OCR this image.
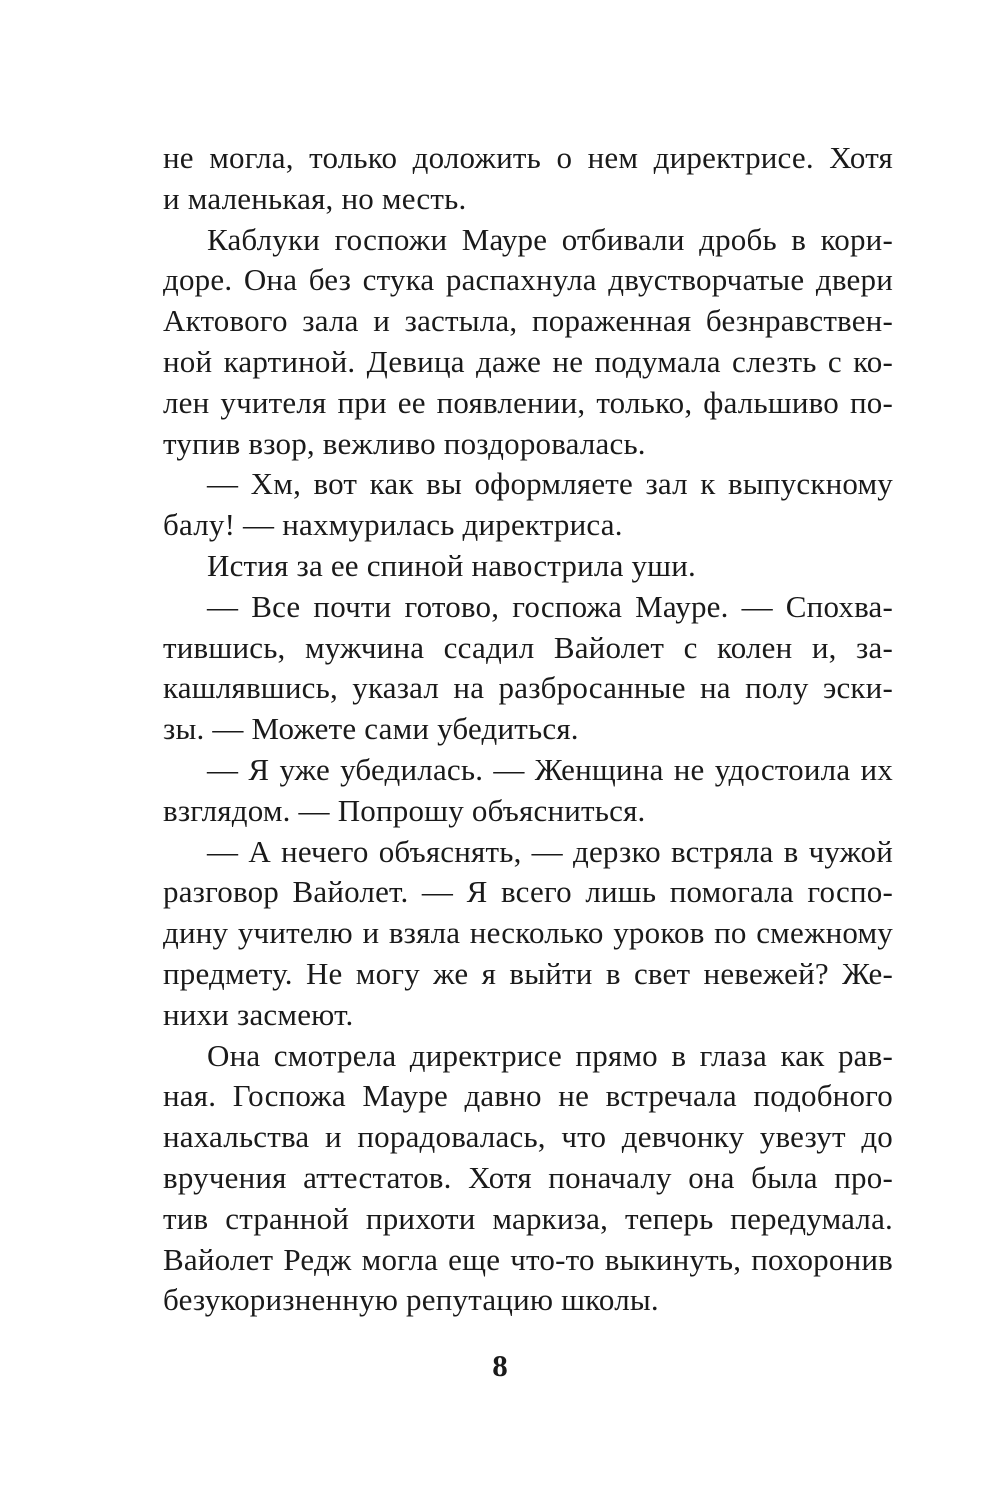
не могла, только доложить о нем директрисе. Хотя
и маленькая, но месть.
Каблуки госпожи Мауре отбивали дробь в кори-
доре. Она без стука распахнула двустворчатые двери
Актового зала и застыла, пораженная безнравствен-
ной картиной. Девица даже не подумала слезть с ко-
лен учителя при ее появлении, только, фальшиво по-
тупив взор, вежливо поздоровалась.
— Хм, вот как вы оформляете зал к выпускному
балу! — нахмурилась директриса.
Истия за ее спиной навострила уши.
— Все почти готово, госпожа Мауре. — Спохва-
тившись, мужчина ссадил Вайолет с колен и, за-
кашлявшись, указал на разбросанные на полу эски-
зы. — Можете сами убедиться.
— Я уже убедилась. — Женщина не удостоила их
взглядом. — Попрошу объясниться.
— А нечего объяснять, — дерзко встряла в чужой
разговор Вайолет. — Я всего лишь помогала госпо-
дину учителю и взяла несколько уроков по смежному
предмету. Не могу же я выйти в свет невежей? Же-
нихи засмеют.
Она смотрела директрисе прямо в глаза как рав-
ная. Госпожа Мауре давно не встречала подобного
нахальства и порадовалась, что девчонку увезут до
вручения аттестатов. Хотя поначалу она была про-
тив странной прихоти маркиза, теперь передумала.
Вайолет Редж могла еще что-то выкинуть, похоронив
безукоризненную репутацию школы.
8
